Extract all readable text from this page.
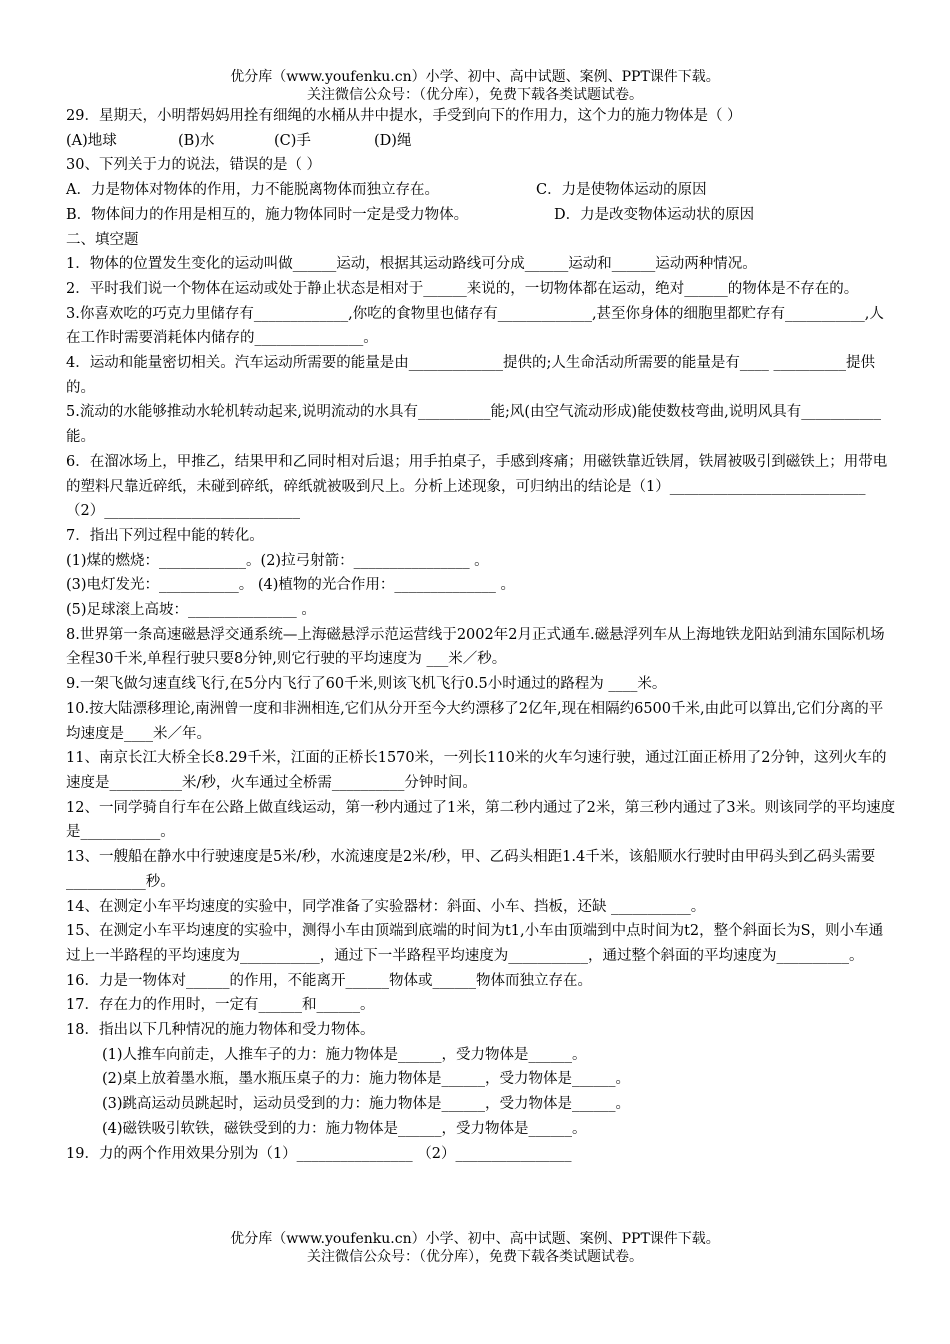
优分库（www.youfenku.cn）小学、初中、高中试题、案例、PPT课件下载。
关注微信公众号：（优分库），免费下载各类试题试卷。
29．星期天，小明帮妈妈用拴有细绳的水桶从井中提水，手受到向下的作用力，这个力的施力物体是（ ）
(A)地球	(B)水	(C)手	(D)绳
30、下列关于力的说法，错误的是（ ）
A．力是物体对物体的作用，力不能脱离物体而独立存在。	C．力是使物体运动的原因
B．物体间力的作用是相互的，施力物体同时一定是受力物体。	D．力是改变物体运动状的原因
二、填空题
1．物体的位置发生变化的运动叫做______运动，根据其运动路线可分成______运动和______运动两种情况。
2．平时我们说一个物体在运动或处于静止状态是相对于______来说的，一切物体都在运动，绝对______的物体是不存在的。
3.你喜欢吃的巧克力里储存有_____________,你吃的食物里也储存有_____________,甚至你身体的细胞里都贮存有___________,人在工作时需要消耗体内储存的_______________。
4．运动和能量密切相关。汽车运动所需要的能量是由_____________提供的;人生命活动所需要的能量是有____ __________提供的。
5.流动的水能够推动水轮机转动起来,说明流动的水具有__________能;风(由空气流动形成)能使数枝弯曲,说明风具有___________能。
6．在溜冰场上，甲推乙，结果甲和乙同时相对后退；用手拍桌子，手感到疼痛；用磁铁靠近铁屑，铁屑被吸引到磁铁上；用带电的塑料尺靠近碎纸，未碰到碎纸，碎纸就被吸到尺上。分析上述现象，可归纳出的结论是（1）___________________________（2）___________________________
7．指出下列过程中能的转化。
(1)煤的燃烧：____________。(2)拉弓射箭：________________ 。
(3)电灯发光：___________。 (4)植物的光合作用：______________ 。
(5)足球滚上高坡：_______________ 。
8.世界第一条高速磁悬浮交通系统—上海磁悬浮示范运营线于2002年2月正式通车.磁悬浮列车从上海地铁龙阳站到浦东国际机场全程30千米,单程行驶只要8分钟,则它行驶的平均速度为 ___米／秒。
9.一架飞做匀速直线飞行,在5分内飞行了60千米,则该飞机飞行0.5小时通过的路程为 ____米。
10.按大陆漂移理论,南洲曾一度和非洲相连,它们从分开至今大约漂移了2亿年,现在相隔约6500千米,由此可以算出,它们分离的平均速度是____米／年。
11、南京长江大桥全长8.29千米，江面的正桥长1570米，一列长110米的火车匀速行驶，通过江面正桥用了2分钟，这列火车的速度是__________米/秒，火车通过全桥需__________分钟时间。
12、一同学骑自行车在公路上做直线运动，第一秒内通过了1米，第二秒内通过了2米，第三秒内通过了3米。则该同学的平均速度是___________。
13、一艘船在静水中行驶速度是5米/秒，水流速度是2米/秒，甲、乙码头相距1.4千米，该船顺水行驶时由甲码头到乙码头需要___________秒。
14、在测定小车平均速度的实验中，同学准备了实验器材：斜面、小车、挡板，还缺 ___________。
15、在测定小车平均速度的实验中，测得小车由顶端到底端的时间为t1,小车由顶端到中点时间为t2，整个斜面长为S，则小车通过上一半路程的平均速度为___________，通过下一半路程平均速度为___________，通过整个斜面的平均速度为__________。
16．力是一物体对______的作用，不能离开______物体或______物体而独立存在。
17．存在力的作用时，一定有______和______。
18．指出以下几种情况的施力物体和受力物体。
(1)人推车向前走，人推车子的力：施力物体是______，受力物体是______。
(2)桌上放着墨水瓶，墨水瓶压桌子的力：施力物体是______，受力物体是______。
(3)跳高运动员跳起时，运动员受到的力：施力物体是______，受力物体是______。
(4)磁铁吸引软铁，磁铁受到的力：施力物体是______，受力物体是______。
19．力的两个作用效果分别为（1）________________ （2）________________
优分库（www.youfenku.cn）小学、初中、高中试题、案例、PPT课件下载。
关注微信公众号：（优分库），免费下载各类试题试卷。
